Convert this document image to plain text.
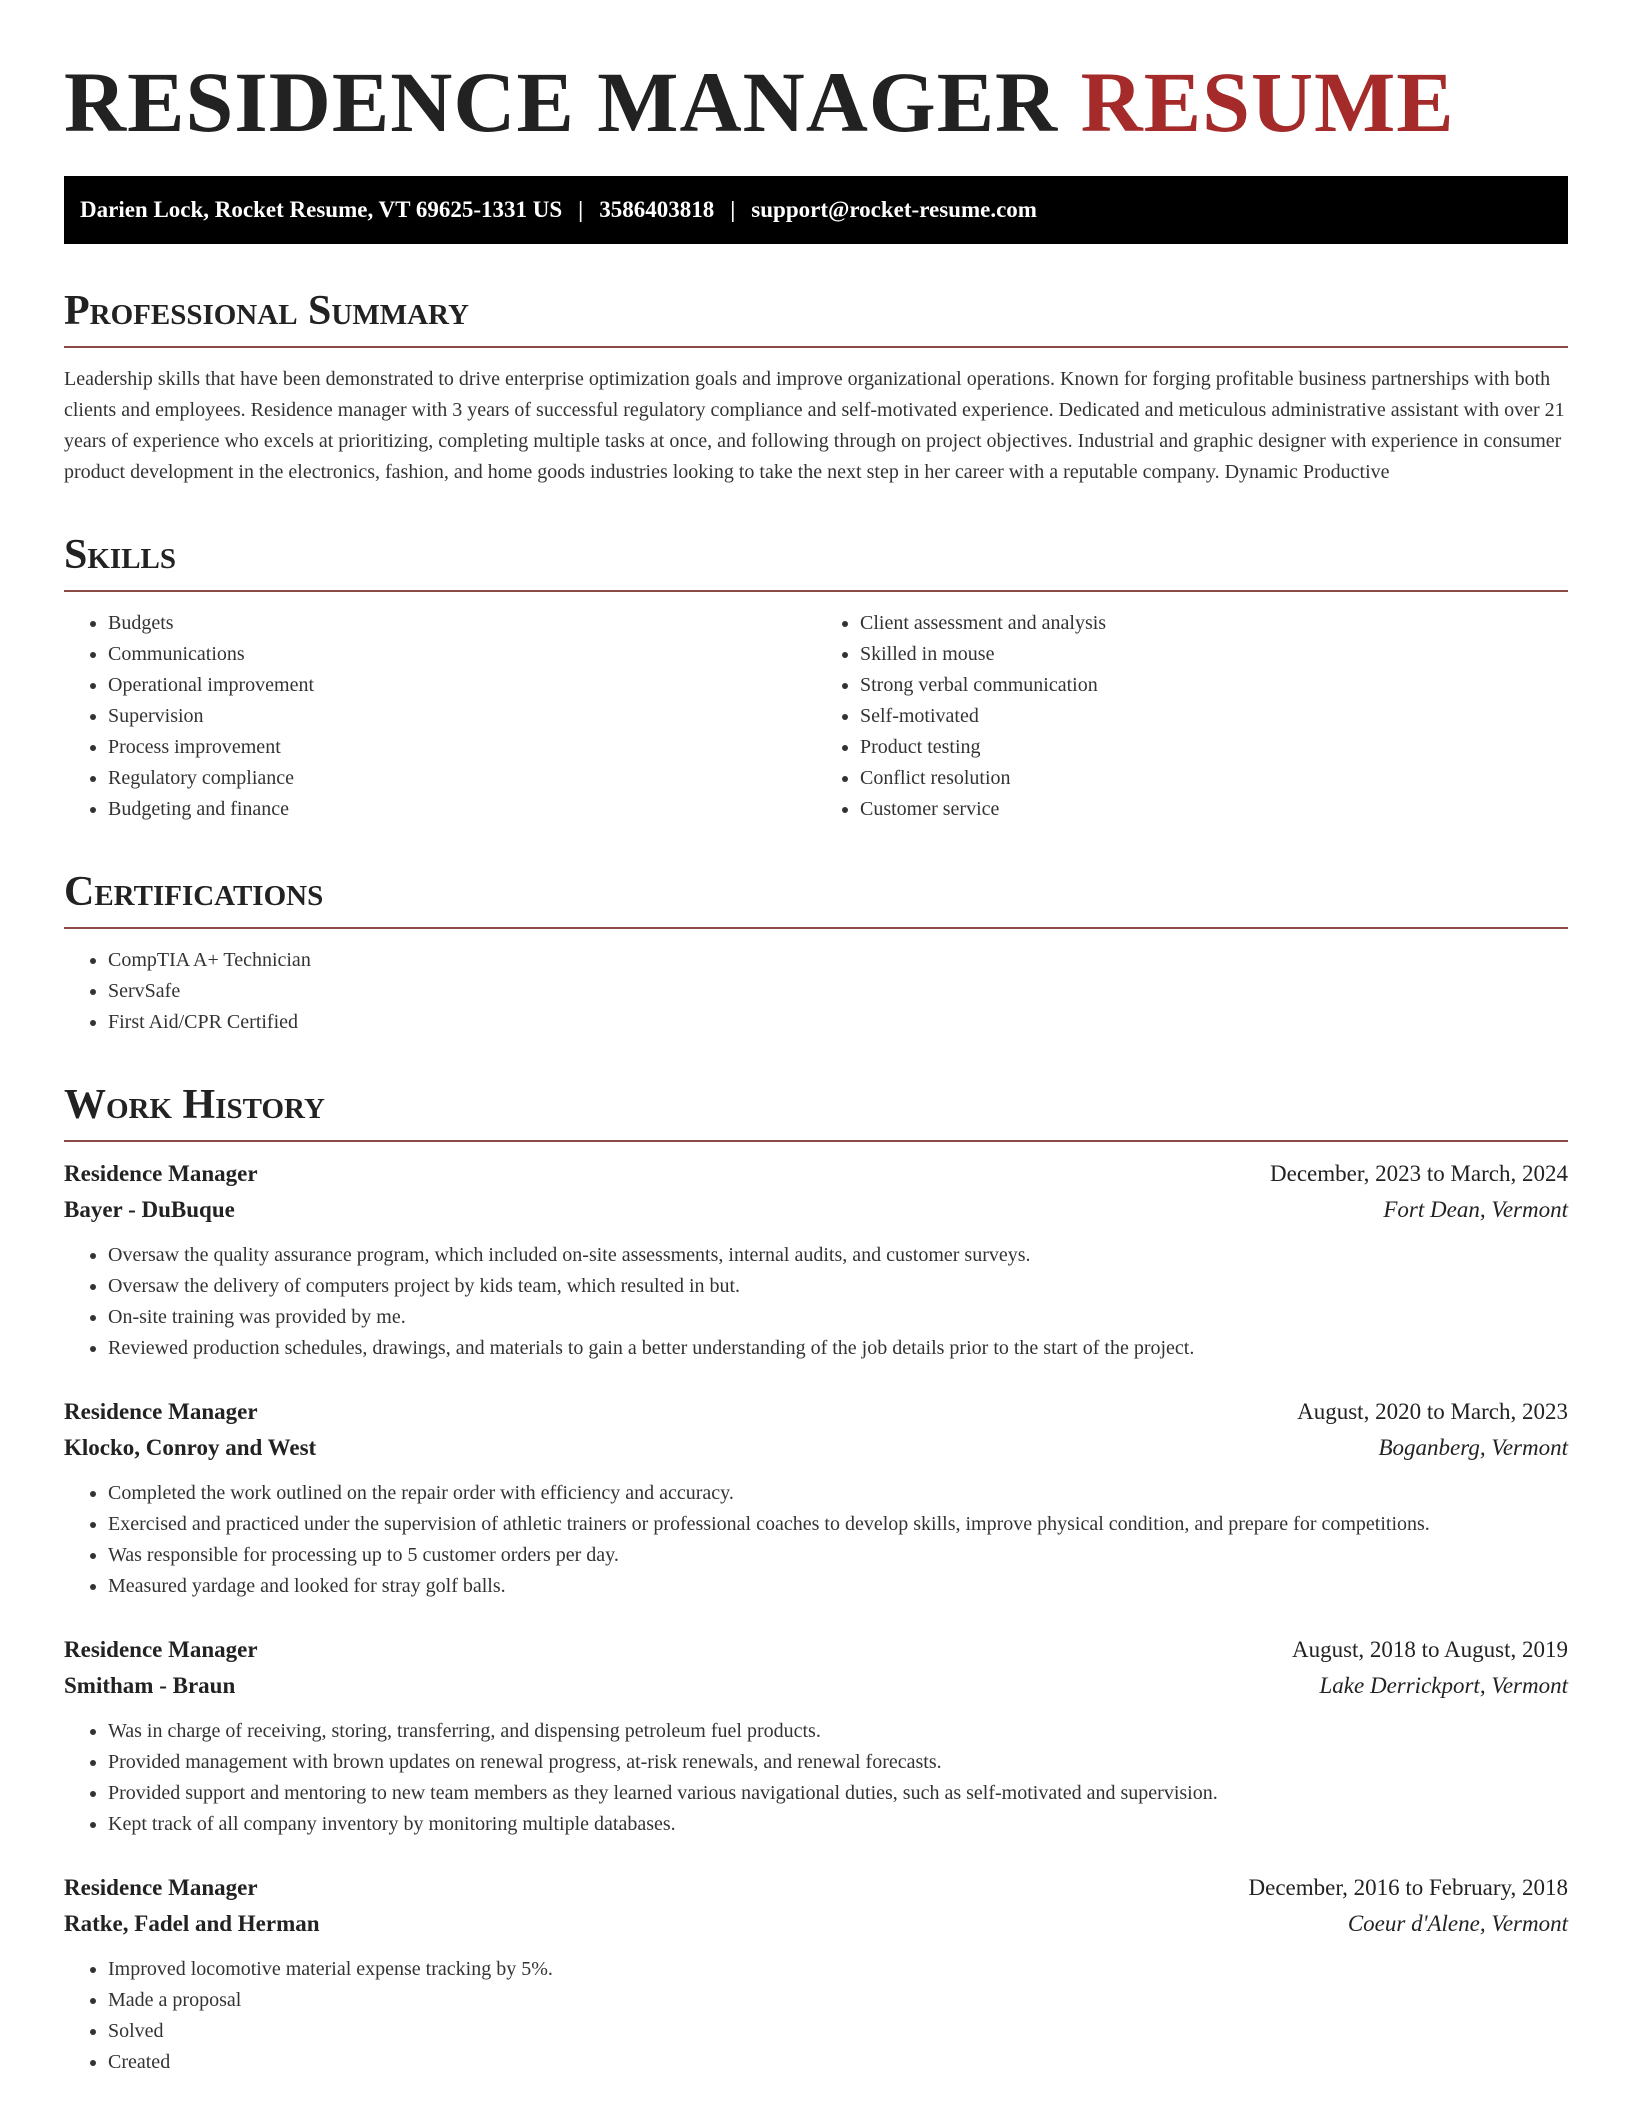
RESIDENCE MANAGER RESUME
Darien Lock, Rocket Resume, VT 69625-1331 US | 3586403818 | support@rocket-resume.com
Professional Summary

Leadership skills that have been demonstrated to drive enterprise optimization goals and improve organizational operations. Known for forging profitable business partnerships with both clients and employees. Residence manager with 3 years of successful regulatory compliance and self-motivated experience. Dedicated and meticulous administrative assistant with over 21 years of experience who excels at prioritizing, completing multiple tasks at once, and following through on project objectives. Industrial and graphic designer with experience in consumer product development in the electronics, fashion, and home goods industries looking to take the next step in her career with a reputable company. Dynamic Productive

Skills
• Budgets
• Communications
• Operational improvement
• Supervision
• Process improvement
• Regulatory compliance
• Budgeting and finance
• Client assessment and analysis
• Skilled in mouse
• Strong verbal communication
• Self-motivated
• Product testing
• Conflict resolution
• Customer service
Certifications
• CompTIA A+ Technician
• ServSafe
• First Aid/CPR Certified
Work History
Residence Manager	December, 2023 to March, 2024
Bayer - DuBuque	Fort Dean, Vermont
• Oversaw the quality assurance program, which included on-site assessments, internal audits, and customer surveys.
• Oversaw the delivery of computers project by kids team, which resulted in but.
• On-site training was provided by me.
• Reviewed production schedules, drawings, and materials to gain a better understanding of the job details prior to the start of the project.
Residence Manager	August, 2020 to March, 2023
Klocko, Conroy and West	Boganberg, Vermont
• Completed the work outlined on the repair order with efficiency and accuracy.
• Exercised and practiced under the supervision of athletic trainers or professional coaches to develop skills, improve physical condition, and prepare for competitions.
• Was responsible for processing up to 5 customer orders per day.
• Measured yardage and looked for stray golf balls.
Residence Manager	August, 2018 to August, 2019
Smitham - Braun	Lake Derrickport, Vermont
• Was in charge of receiving, storing, transferring, and dispensing petroleum fuel products.
• Provided management with brown updates on renewal progress, at-risk renewals, and renewal forecasts.
• Provided support and mentoring to new team members as they learned various navigational duties, such as self-motivated and supervision.
• Kept track of all company inventory by monitoring multiple databases.
Residence Manager	December, 2016 to February, 2018
Ratke, Fadel and Herman	Coeur d'Alene, Vermont
• Improved locomotive material expense tracking by 5%.
• Made a proposal
• Solved
• Created
